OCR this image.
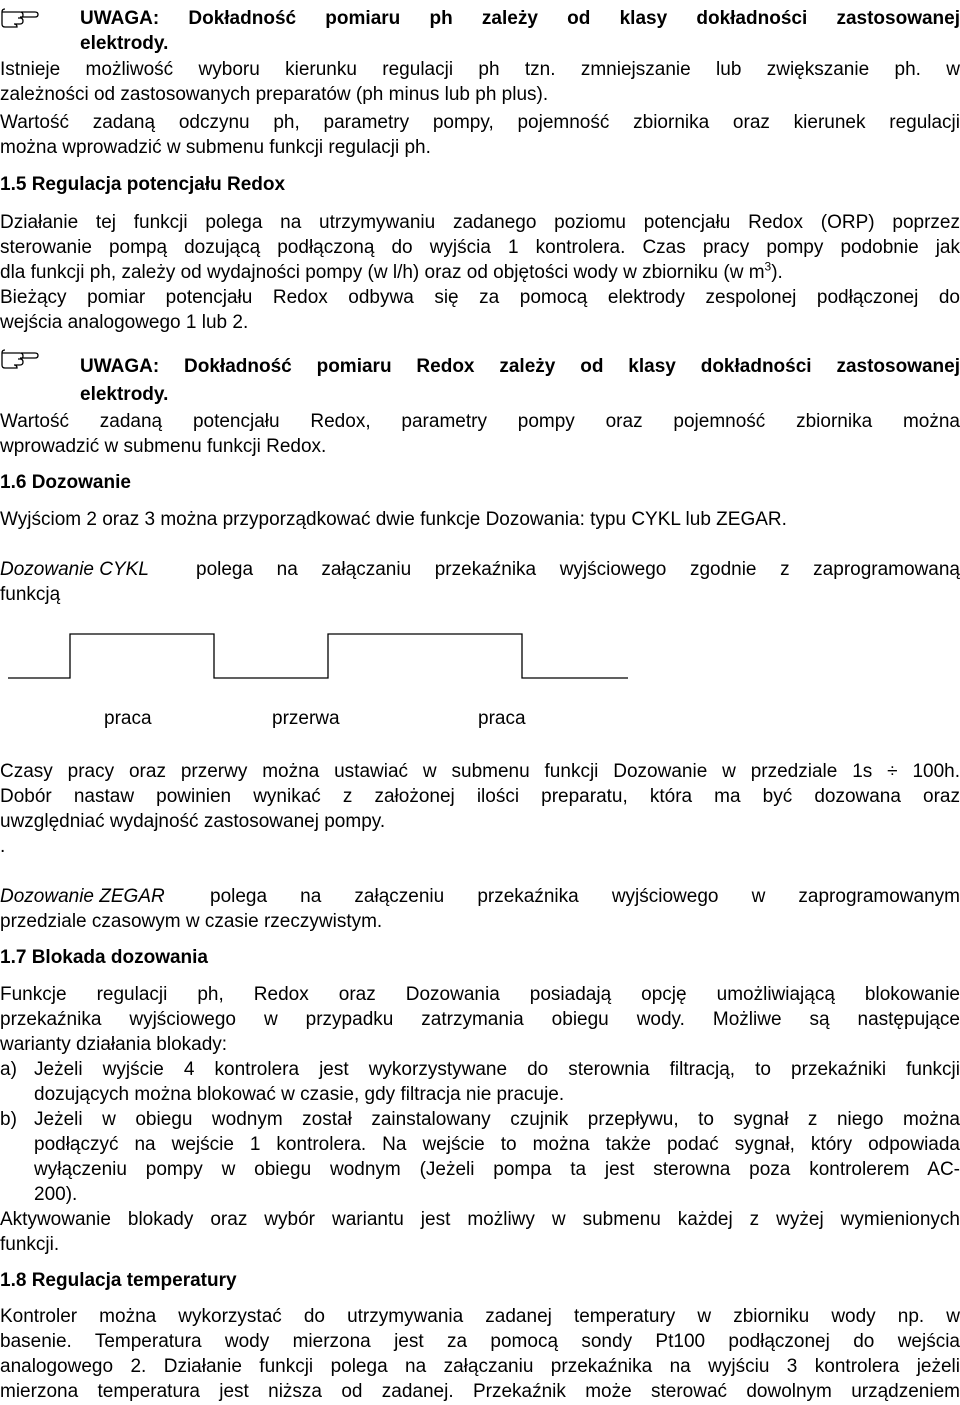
UWAGA: Dokładność pomiaru ph zależy od klasy dokładności zastosowanej
elektrody.
Istnieje możliwość wyboru kierunku regulacji ph tzn. zmniejszanie lub zwiększanie ph. w
zależności od zastosowanych preparatów (ph minus lub ph plus).
Wartość zadaną odczynu ph, parametry pompy, pojemność zbiornika oraz kierunek regulacji
można wprowadzić w submenu funkcji regulacji ph.
1.5 Regulacja potencjału Redox
Działanie tej funkcji polega na utrzymywaniu zadanego poziomu potencjału Redox (ORP) poprzez
sterowanie pompą dozującą podłączoną do wyjścia 1 kontrolera. Czas pracy pompy podobnie jak
dla funkcji ph, zależy od wydajności pompy (w l/h) oraz od objętości wody w zbiorniku (w $m^3$).
Bieżący pomiar potencjału Redox odbywa się za pomocą elektrody zespolonej podłączonej do
wejścia analogowego 1 lub 2.
UWAGA: Dokładność pomiaru Redox zależy od klasy dokładności zastosowanej
elektrody.
Wartość zadaną potencjału Redox, parametry pompy oraz pojemność zbiornika można
wprowadzić w submenu funkcji Redox.
1.6 Dozowanie
Wyjściom 2 oraz 3 można przyporządkować dwie funkcje Dozowania: typu CYKL lub ZEGAR.
Dozowanie CYKL	polega na załączaniu przekaźnika wyjściowego zgodnie z zaprogramowaną
funkcją
praca	przerwa	praca
Czasy pracy oraz przerwy można ustawiać w submenu funkcji Dozowanie w przedziale 1s ÷ 100h.
Dobór nastaw powinien wynikać z założonej ilości preparatu, która ma być dozowana oraz
uwzględniać wydajność zastosowanej pompy.
.
Dozowanie ZEGAR	polega na załączeniu przekaźnika wyjściowego w zaprogramowanym
przedziale czasowym w czasie rzeczywistym.
1.7 Blokada dozowania
Funkcje regulacji ph, Redox oraz Dozowania posiadają opcję umożliwiającą blokowanie
przekaźnika wyjściowego w przypadku zatrzymania obiegu wody. Możliwe są następujące
warianty działania blokady:
a) Jeżeli wyjście 4 kontrolera jest wykorzystywane do sterownia filtracją, to przekaźniki funkcji
dozujących można blokować w czasie, gdy filtracja nie pracuje.
b) Jeżeli w obiegu wodnym został zainstalowany czujnik przepływu, to sygnał z niego można
podłączyć na wejście 1 kontrolera. Na wejście to można także podać sygnał, który odpowiada
wyłączeniu pompy w obiegu wodnym (Jeżeli pompa ta jest sterowna poza kontrolerem AC-
200).
Aktywowanie blokady oraz wybór wariantu jest możliwy w submenu każdej z wyżej wymienionych
funkcji.
1.8 Regulacja temperatury
Kontroler można wykorzystać do utrzymywania zadanej temperatury w zbiorniku wody np. w
basenie. Temperatura wody mierzona jest za pomocą sondy Pt100 podłączonej do wejścia
analogowego 2. Działanie funkcji polega na załączaniu przekaźnika na wyjściu 3 kontrolera jeżeli
mierzona temperatura jest niższa od zadanej. Przekaźnik może sterować dowolnym urządzeniem
